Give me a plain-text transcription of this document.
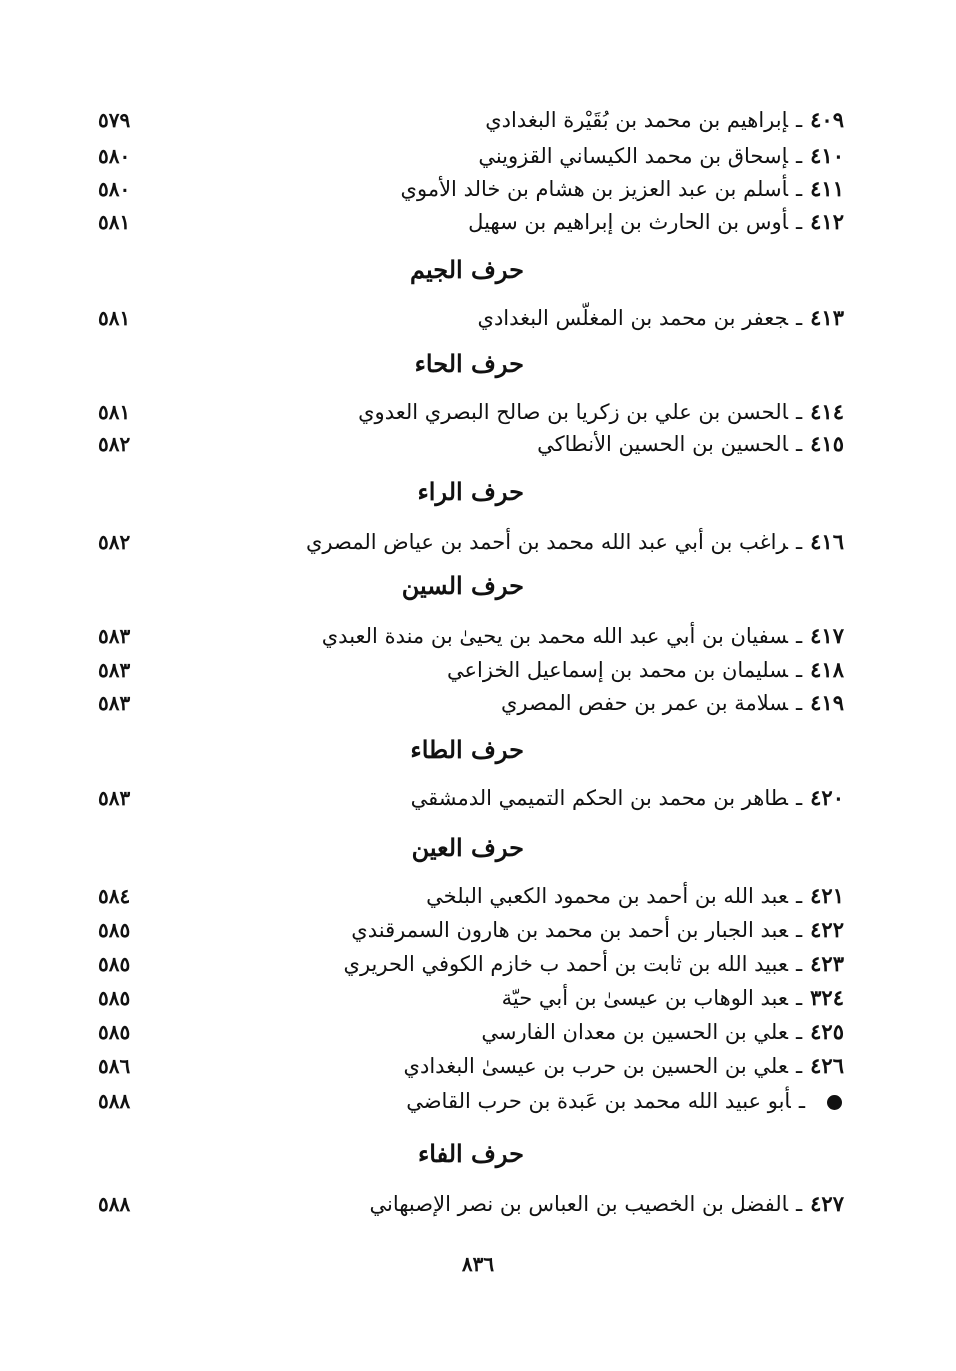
٤٠٩ـإبراهيم بن محمد بن بُقَيْرة البغدادي
٥٧٩
٤١٠ـإسحاق بن محمد الكيساني القزويني
٥٨٠
٤١١ـأسلم بن عبد العزيز بن هشام بن خالد الأموي
٥٨٠
٤١٢ـأوس بن الحارث بن إبراهيم بن سهيل
٥٨١
حرف الجيم
٤١٣ـجعفر بن محمد بن المغلّس البغدادي
٥٨١
حرف الحاء
٤١٤ـالحسن بن علي بن زكريا بن صالح البصري العدوي
٥٨١
٤١٥ـالحسين بن الحسين الأنطاكي
٥٨٢
حرف الراء
٤١٦ـراغب بن أبي عبد الله محمد بن أحمد بن عياض المصري
٥٨٢
حرف السين
٤١٧ـسفيان بن أبي عبد الله محمد بن يحيىٰ بن مندة العبدي
٥٨٣
٤١٨ـسليمان بن محمد بن إسماعيل الخزاعي
٥٨٣
٤١٩ـسلامة بن عمر بن حفص المصري
٥٨٣
حرف الطاء
٤٢٠ـطاهر بن محمد بن الحكم التميمي الدمشقي
٥٨٣
حرف العين
٤٢١ـعبد الله بن أحمد بن محمود الكعبي البلخي
٥٨٤
٤٢٢ـعبد الجبار بن أحمد بن محمد بن هارون السمرقندي
٥٨٥
٤٢٣ـعبيد الله بن ثابت بن أحمد ب خازم الكوفي الحريري
٥٨٥
٣٢٤ـعبد الوهاب بن عيسىٰ بن أبي حيّة
٥٨٥
٤٢٥ـعلي بن الحسين بن معدان الفارسي
٥٨٥
٤٢٦ـعلي بن الحسين بن حرب بن عيسىٰ البغدادي
٥٨٦
ـأبو عبيد الله محمد بن عَبدة بن حرب القاضي
٥٨٨
حرف الفاء
٤٢٧ـالفضل بن الخصيب بن العباس بن نصر الإصبهاني
٥٨٨
٨٣٦
